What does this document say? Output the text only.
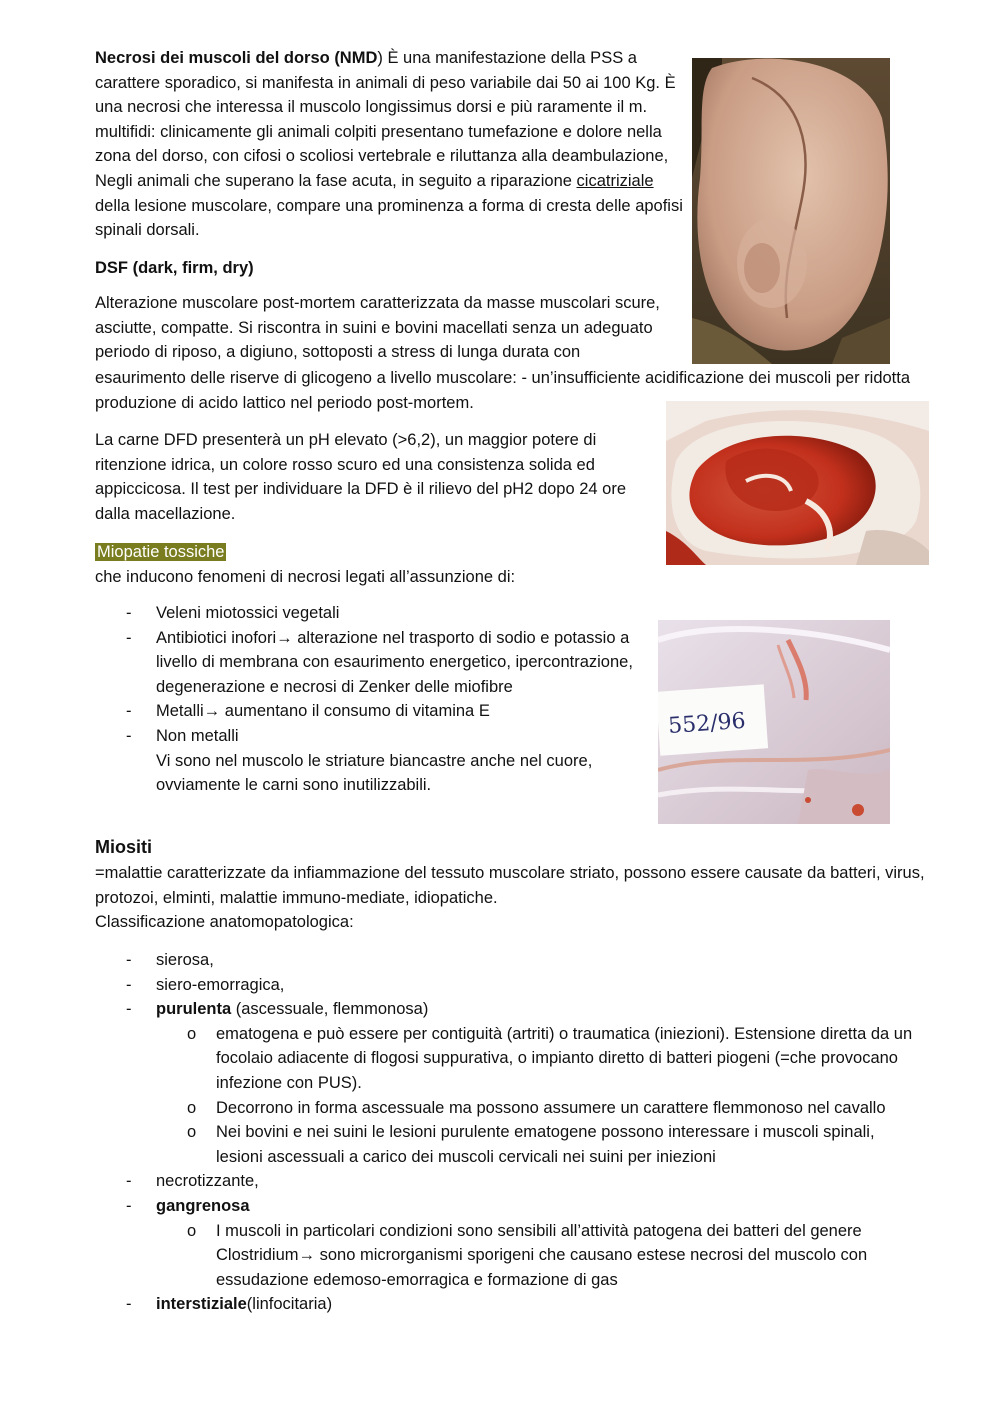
Necrosi dei muscoli del dorso (NMD) È una manifestazione della PSS a carattere sporadico, si manifesta in animali di peso variabile dai 50 ai 100 Kg. È una necrosi che interessa il muscolo longissimus dorsi e più raramente il m. multifidi: clinicamente gli animali colpiti presentano tumefazione e dolore nella zona del dorso, con cifosi o scoliosi vertebrale e riluttanza alla deambulazione, Negli animali che superano la fase acuta, in seguito a riparazione cicatriziale della lesione muscolare, compare una prominenza a forma di cresta delle apofisi spinali dorsali.

DSF (dark, firm, dry)

Alterazione muscolare post-mortem caratterizzata da masse muscolari scure, asciutte, compatte. Si riscontra in suini e bovini macellati senza un adeguato periodo di riposo, a digiuno, sottoposti a stress di lunga durata con

esaurimento delle riserve di glicogeno a livello muscolare: - un’insufficiente acidificazione dei muscoli per ridotta produzione di acido lattico nel periodo post-mortem.

La carne DFD presenterà un pH elevato (>6,2), un maggior potere di ritenzione idrica, un colore rosso scuro ed una consistenza solida ed appiccicosa. Il test per individuare la DFD è il rilievo del pH2 dopo 24 ore dalla macellazione.

Miopatie tossiche

che inducono fenomeni di necrosi legati all’assunzione di:

- Veleni miotossici vegetali
- Antibiotici inofori→ alterazione nel trasporto di sodio e potassio a livello di membrana con esaurimento energetico, ipercontrazione, degenerazione e necrosi di Zenker delle miofibre
- Metalli→ aumentano il consumo di vitamina E
- Non metalli
Vi sono nel muscolo le striature biancastre anche nel cuore, ovviamente le carni sono inutilizzabili.

Miositi

=malattie caratterizzate da infiammazione del tessuto muscolare striato, possono essere causate da batteri, virus, protozoi, elminti, malattie immuno-mediate, idiopatiche.
Classificazione anatomopatologica:

- sierosa,
- siero-emorragica,
- purulenta (ascessuale, flemmonosa)
o ematogena e può essere per contiguità (artriti) o traumatica (iniezioni). Estensione diretta da un focolaio adiacente di flogosi suppurativa, o impianto diretto di batteri piogeni (=che provocano infezione con PUS).
o Decorrono in forma ascessuale ma possono assumere un carattere flemmonoso nel cavallo
o Nei bovini e nei suini le lesioni purulente ematogene possono interessare i muscoli spinali, lesioni ascessuali a carico dei muscoli cervicali nei suini per iniezioni
- necrotizzante,
- gangrenosa
o I muscoli in particolari condizioni sono sensibili all’attività patogena dei batteri del genere Clostridium→ sono microrganismi sporigeni che causano estese necrosi del muscolo con essudazione edemoso-emorragica e formazione di gas
- interstiziale(linfocitaria)
552/96
